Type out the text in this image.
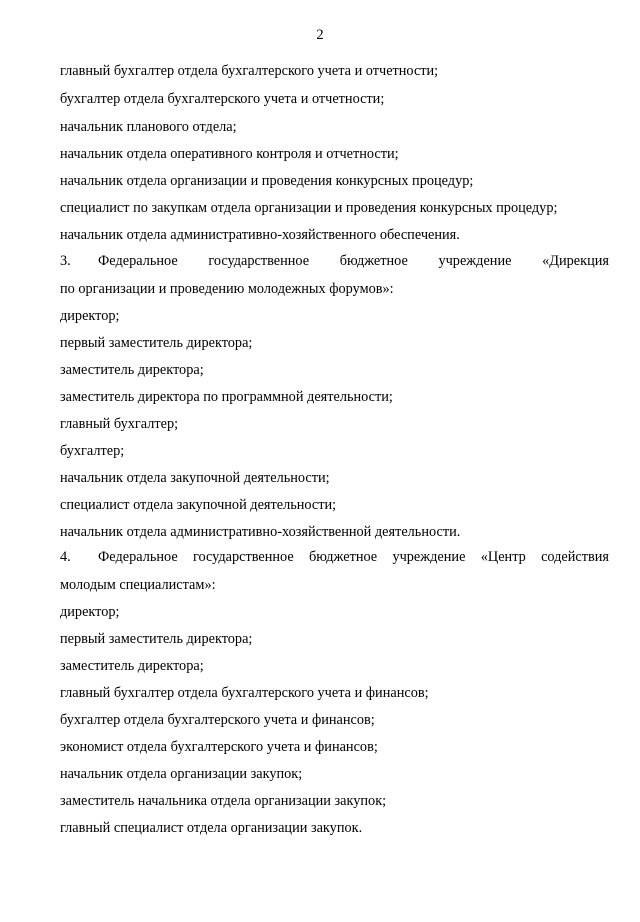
2
главный бухгалтер отдела бухгалтерского учета и отчетности;
бухгалтер отдела бухгалтерского учета и отчетности;
начальник планового отдела;
начальник отдела оперативного контроля и отчетности;
начальник отдела организации и проведения конкурсных процедур;
специалист по закупкам отдела организации и проведения конкурсных процедур;
начальник отдела административно-хозяйственного обеспечения.
3.	Федеральное государственное бюджетное учреждение «Дирекция
по организации и проведению молодежных форумов»:
директор;
первый заместитель директора;
заместитель директора;
заместитель директора по программной деятельности;
главный бухгалтер;
бухгалтер;
начальник отдела закупочной деятельности;
специалист отдела закупочной деятельности;
начальник отдела административно-хозяйственной деятельности.
4.	Федеральное государственное бюджетное учреждение «Центр содействия
молодым специалистам»:
директор;
первый заместитель директора;
заместитель директора;
главный бухгалтер отдела бухгалтерского учета и финансов;
бухгалтер отдела бухгалтерского учета и финансов;
экономист отдела бухгалтерского учета и финансов;
начальник отдела организации закупок;
заместитель начальника отдела организации закупок;
главный специалист отдела организации закупок.
